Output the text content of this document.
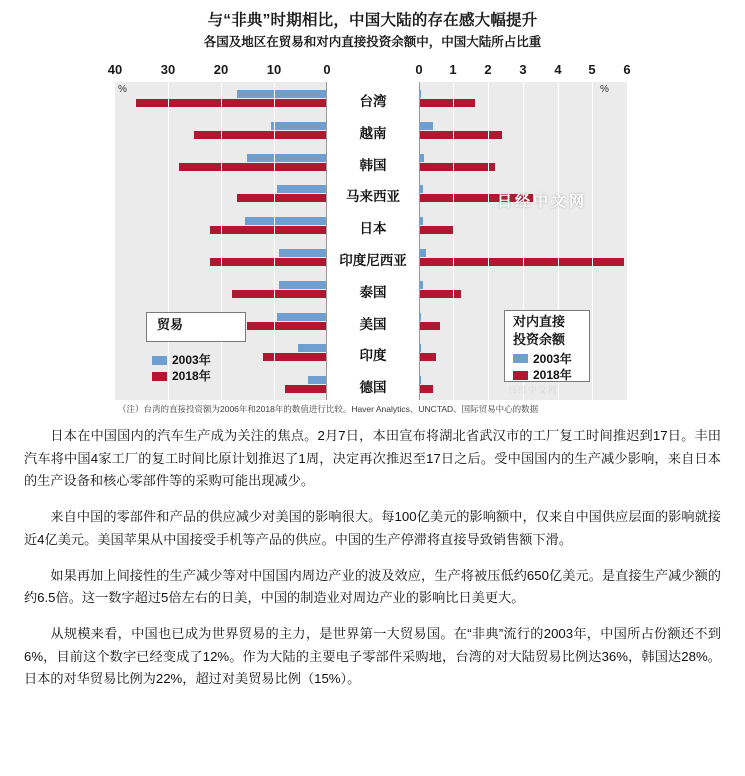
与“非典”时期相比，中国大陆的存在感大幅提升
各国及地区在贸易和对内直接投资余额中，中国大陆所占比重
40	30	20	10	0	0	1	2	3	4	5	6
%	%
台湾
越南
韩国
马来西亚
日本
印度尼西亚
泰国
美国
印度
德国
日经中文网
日经中文网
贸易
2003年
2018年
对内直接
投资余额
2003年
2018年
（注）台湾的直接投资额为2006年和2018年的数值进行比较。Haver Analytics、UNCTAD、国际贸易中心的数据

日本在中国国内的汽车生产成为关注的焦点。2月7日，本田宣布将湖北省武汉市的工厂复工时间推迟到17日。丰田汽车将中国4家工厂的复工时间比原计划推迟了1周，决定再次推迟至17日之后。受中国国内的生产减少影响，来自日本的生产设备和核心零部件等的采购可能出现减少。

来自中国的零部件和产品的供应减少对美国的影响很大。每100亿美元的影响额中，仅来自中国供应层面的影响就接近4亿美元。美国苹果从中国接受手机等产品的供应。中国的生产停滞将直接导致销售额下滑。

如果再加上间接性的生产减少等对中国国内周边产业的波及效应，生产将被压低约650亿美元。是直接生产减少额的约6.5倍。这一数字超过5倍左右的日美，中国的制造业对周边产业的影响比日美更大。

从规模来看，中国也已成为世界贸易的主力，是世界第一大贸易国。在“非典”流行的2003年，中国所占份额还不到6%，目前这个数字已经变成了12%。作为大陆的主要电子零部件采购地，台湾的对大陆贸易比例达36%，韩国达28%。日本的对华贸易比例为22%，超过对美贸易比例（15%）。
